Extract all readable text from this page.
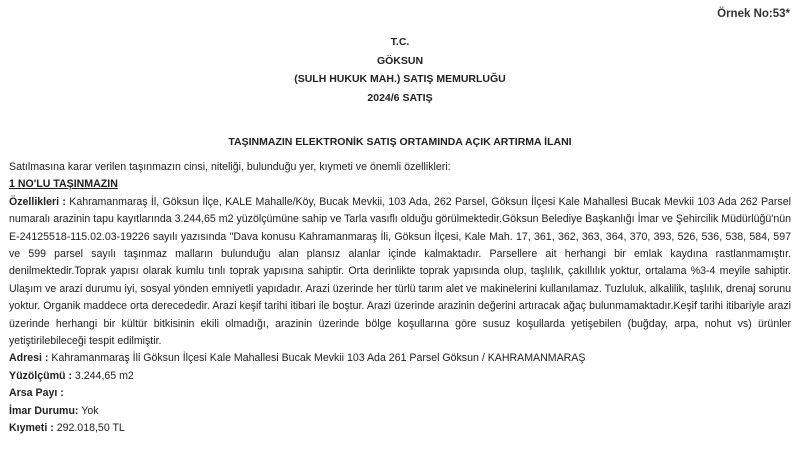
Örnek No:53*
T.C.
GÖKSUN
(SULH HUKUK MAH.) SATIŞ MEMURLUĞU
2024/6 SATIŞ
TAŞINMAZIN ELEKTRONİK SATIŞ ORTAMINDA AÇIK ARTIRMA İLANI

Satılmasına karar verilen taşınmazın cinsi, niteliği, bulunduğu yer, kıymeti ve önemli özellikleri:

1 NO'LU TAŞINMAZIN

Özellikleri : Kahramanmaraş İl, Göksun İlçe, KALE Mahalle/Köy, Bucak Mevkii, 103 Ada, 262 Parsel, Göksun İlçesi Kale Mahallesi Bucak Mevkii 103 Ada 262 Parsel numaralı arazinin tapu kayıtlarında 3.244,65 m2 yüzölçümüne sahip ve Tarla vasıflı olduğu görülmektedir.Göksun Belediye Başkanlığı İmar ve Şehircilik Müdürlüğü'nün E-24125518-115.02.03-19226 sayılı yazısında "Dava konusu Kahramanmaraş İli, Göksun İlçesi, Kale Mah. 17, 361, 362, 363, 364, 370, 393, 526, 536, 538, 584, 597 ve 599 parsel sayılı taşınmaz malların bulunduğu alan plansız alanlar içinde kalmaktadır. Parsellere ait herhangi bir emlak kaydına rastlanmamıştır. denilmektedir.Toprak yapısı olarak kumlu tınlı toprak yapısına sahiptir. Orta derinlikte toprak yapısında olup, taşlılık, çakıllılık yoktur, ortalama %3-4 meyile sahiptir. Ulaşım ve arazi durumu iyi, sosyal yönden emniyetli yapıdadır. Arazi üzerinde her türlü tarım alet ve makinelerini kullanılamaz. Tuzluluk, alkalilik, taşlılık, drenaj sorunu yoktur. Organik maddece orta derecededir. Arazi keşif tarihi itibari ile boştur. Arazi üzerinde arazinin değerini artıracak ağaç bulunmamaktadır.Keşif tarihi itibariyle arazi üzerinde herhangi bir kültür bitkisinin ekili olmadığı, arazinin üzerinde bölge koşullarına göre susuz koşullarda yetişebilen (buğday, arpa, nohut vs) ürünler yetiştirilebileceği tespit edilmiştir.

Adresi : Kahramanmaraş İli Göksun İlçesi Kale Mahallesi Bucak Mevkii 103 Ada 261 Parsel Göksun / KAHRAMANMARAŞ

Yüzölçümü : 3.244,65 m2

Arsa Payı :

İmar Durumu: Yok

Kıymeti : 292.018,50 TL
